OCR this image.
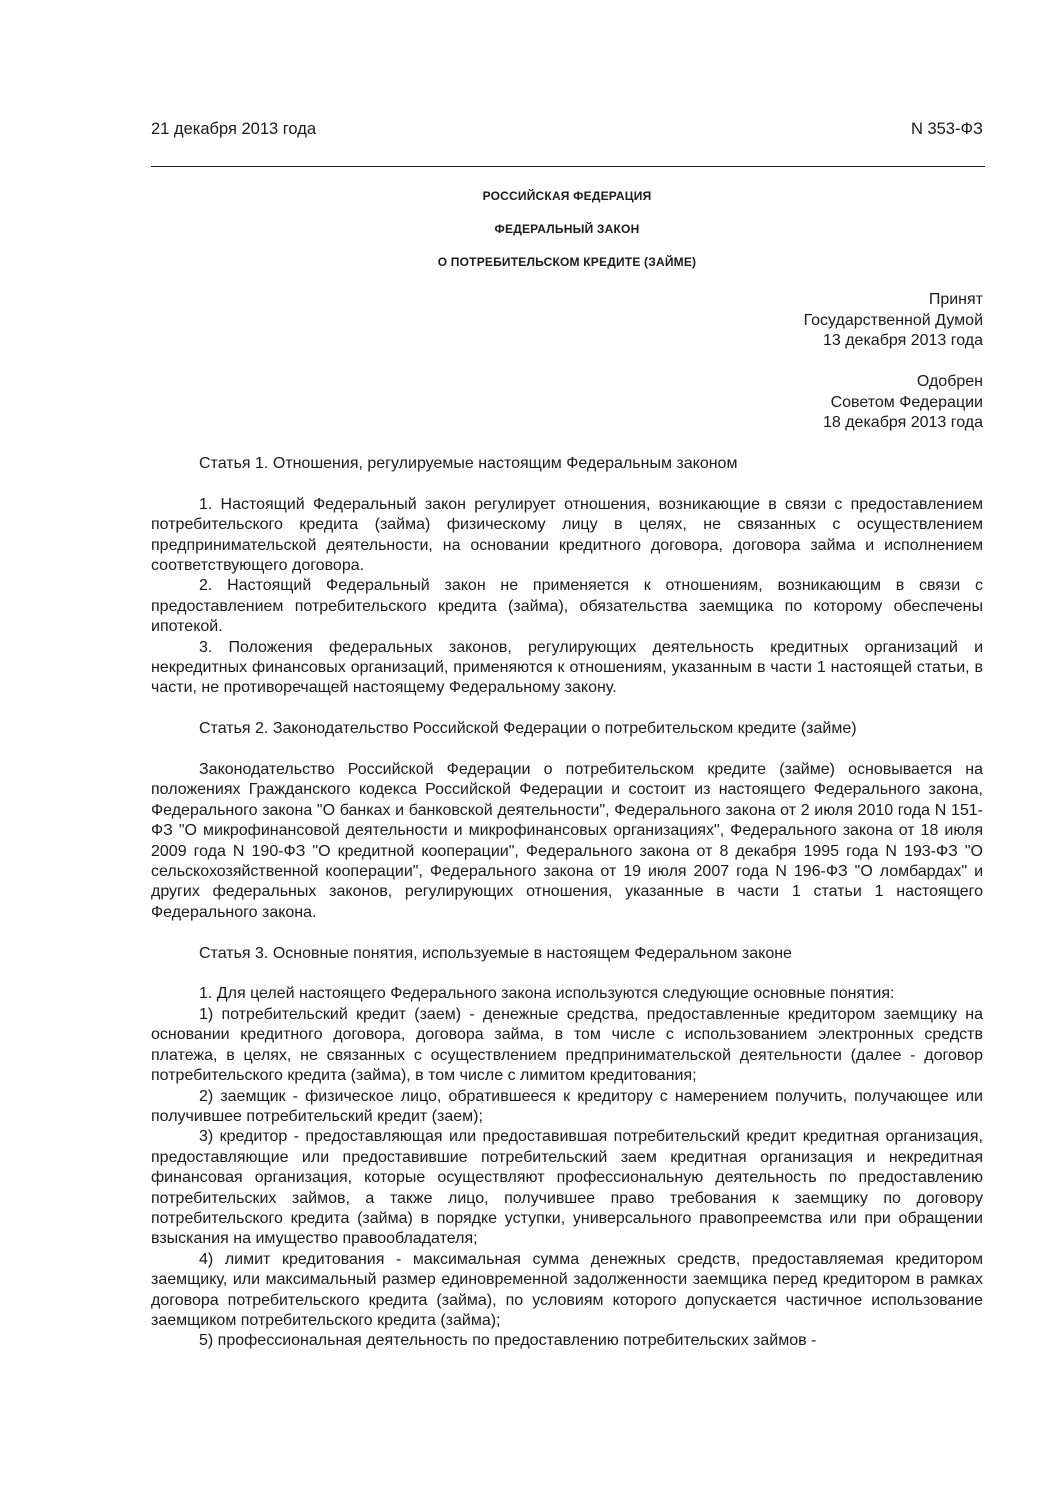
21 декабря 2013 года	N 353-ФЗ
РОССИЙСКАЯ ФЕДЕРАЦИЯ
ФЕДЕРАЛЬНЫЙ ЗАКОН
О ПОТРЕБИТЕЛЬСКОМ КРЕДИТЕ (ЗАЙМЕ)
Принят
Государственной Думой
13 декабря 2013 года
Одобрен
Советом Федерации
18 декабря 2013 года

Статья 1. Отношения, регулируемые настоящим Федеральным законом

1. Настоящий Федеральный закон регулирует отношения, возникающие в связи с предоставлением потребительского кредита (займа) физическому лицу в целях, не связанных с осуществлением предпринимательской деятельности, на основании кредитного договора, договора займа и исполнением соответствующего договора.

2. Настоящий Федеральный закон не применяется к отношениям, возникающим в связи с предоставлением потребительского кредита (займа), обязательства заемщика по которому обеспечены ипотекой.

3. Положения федеральных законов, регулирующих деятельность кредитных организаций и некредитных финансовых организаций, применяются к отношениям, указанным в части 1 настоящей статьи, в части, не противоречащей настоящему Федеральному закону.

Статья 2. Законодательство Российской Федерации о потребительском кредите (займе)

Законодательство Российской Федерации о потребительском кредите (займе) основывается на положениях Гражданского кодекса Российской Федерации и состоит из настоящего Федерального закона, Федерального закона "О банках и банковской деятельности", Федерального закона от 2 июля 2010 года N 151-ФЗ "О микрофинансовой деятельности и микрофинансовых организациях", Федерального закона от 18 июля 2009 года N 190-ФЗ "О кредитной кооперации", Федерального закона от 8 декабря 1995 года N 193-ФЗ "О сельскохозяйственной кооперации", Федерального закона от 19 июля 2007 года N 196-ФЗ "О ломбардах" и других федеральных законов, регулирующих отношения, указанные в части 1 статьи 1 настоящего Федерального закона.

Статья 3. Основные понятия, используемые в настоящем Федеральном законе

1. Для целей настоящего Федерального закона используются следующие основные понятия:

1) потребительский кредит (заем) - денежные средства, предоставленные кредитором заемщику на основании кредитного договора, договора займа, в том числе с использованием электронных средств платежа, в целях, не связанных с осуществлением предпринимательской деятельности (далее - договор потребительского кредита (займа), в том числе с лимитом кредитования;

2) заемщик - физическое лицо, обратившееся к кредитору с намерением получить, получающее или получившее потребительский кредит (заем);

3) кредитор - предоставляющая или предоставившая потребительский кредит кредитная организация, предоставляющие или предоставившие потребительский заем кредитная организация и некредитная финансовая организация, которые осуществляют профессиональную деятельность по предоставлению потребительских займов, а также лицо, получившее право требования к заемщику по договору потребительского кредита (займа) в порядке уступки, универсального правопреемства или при обращении взыскания на имущество правообладателя;

4) лимит кредитования - максимальная сумма денежных средств, предоставляемая кредитором заемщику, или максимальный размер единовременной задолженности заемщика перед кредитором в рамках договора потребительского кредита (займа), по условиям которого допускается частичное использование заемщиком потребительского кредита (займа);

5) профессиональная деятельность по предоставлению потребительских займов -
